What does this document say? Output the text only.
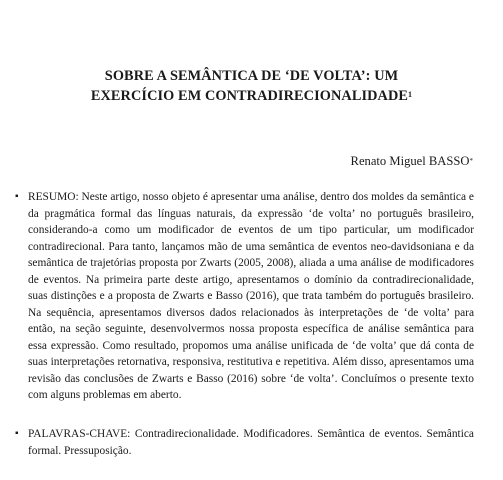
SOBRE A SEMÂNTICA DE ‘DE VOLTA’: UM
EXERCÍCIO EM CONTRADIRECIONALIDADE$^1$
Renato Miguel BASSO*
▪ RESUMO: Neste artigo, nosso objeto é apresentar uma análise, dentro dos moldes da semântica e da pragmática formal das línguas naturais, da expressão ‘de volta’ no português brasileiro, considerando-a como um modificador de eventos de um tipo particular, um modificador contradirecional. Para tanto, lançamos mão de uma semântica de eventos neo-davidsoniana e da semântica de trajetórias proposta por Zwarts (2005, 2008), aliada a uma análise de modificadores de eventos. Na primeira parte deste artigo, apresentamos o domínio da contradirecionalidade, suas distinções e a proposta de Zwarts e Basso (2016), que trata também do português brasileiro. Na sequência, apresentamos diversos dados relacionados às interpretações de ‘de volta’ para então, na seção seguinte, desenvolvermos nossa proposta específica de análise semântica para essa expressão. Como resultado, propomos uma análise unificada de ‘de volta’ que dá conta de suas interpretações retornativa, responsiva, restitutiva e repetitiva. Além disso, apresentamos uma revisão das conclusões de Zwarts e Basso (2016) sobre ‘de volta’. Concluímos o presente texto com alguns problemas em aberto.

▪ PALAVRAS-CHAVE: Contradirecionalidade. Modificadores. Semântica de eventos. Semântica formal. Pressuposição.
